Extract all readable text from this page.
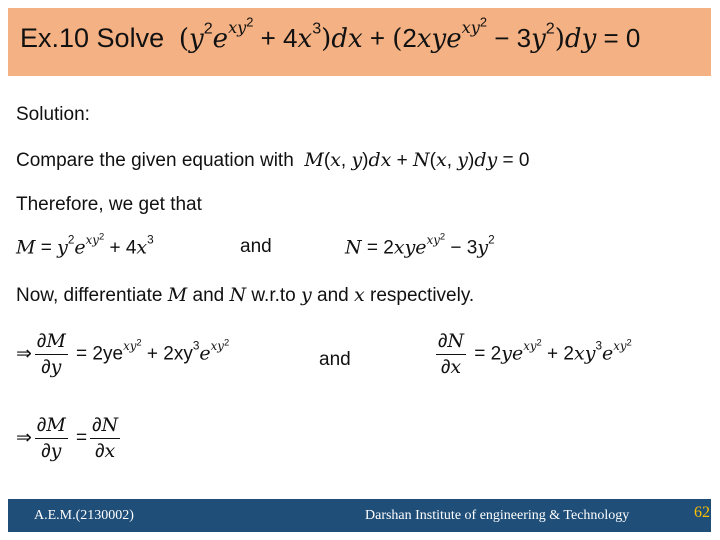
Ex.10 Solve $(y^2e^{xy^2} + 4x^3)dx + (2xye^{xy^2} - 3y^2)dy = 0$
Solution:
Compare the given equation with M(x, y)dx + N(x, y)dy = 0
Therefore, we get that
$M = y^2e^{xy^2} + 4x^3$	and	$N = 2xye^{xy^2} - 3y^2$
Now, differentiate M and N w.r.to y and x respectively.
⇒ $\frac{\partial M}{\partial y} = 2ye^{xy^2} + 2xy^3e^{xy^2}$
and	$\frac{\partial N}{\partial x} = 2ye^{xy^2} + 2xy^3e^{xy^2}$
⇒ $\frac{\partial M}{\partial y} = \frac{\partial N}{\partial x}$
A.E.M.(2130002)	Darshan Institute of engineering & Technology	62
